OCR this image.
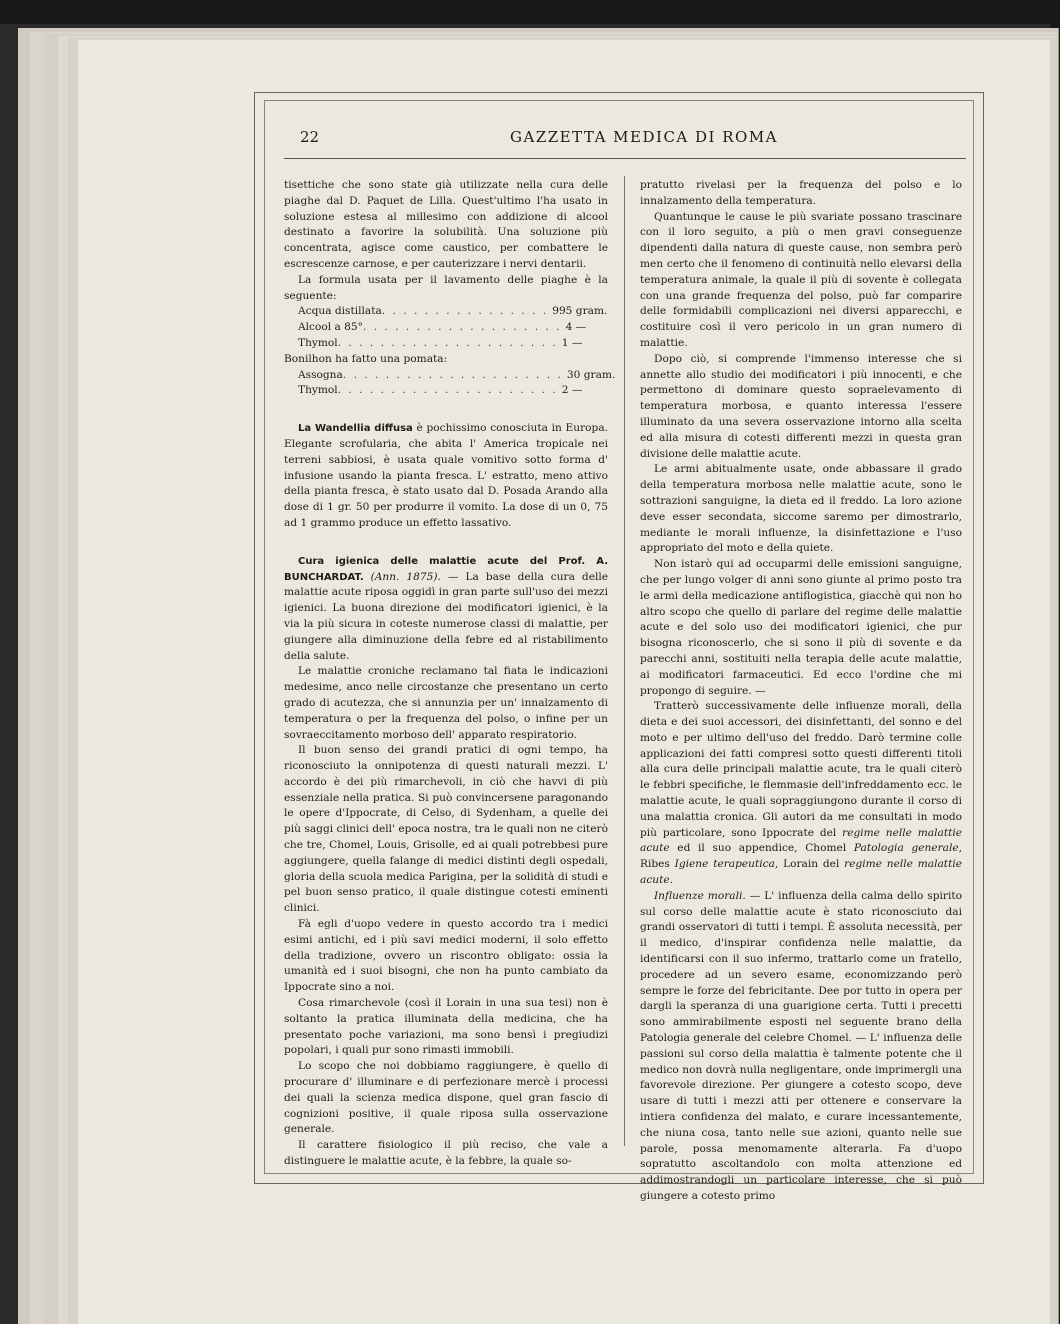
22	GAZZETTA MEDICA DI ROMA

tisettiche che sono state già utilizzate nella cura delle piaghe dal D. Paquet de Lilla. Quest'ultimo l'ha usato in soluzione estesa al millesimo con addizione di alcool destinato a favorire la solubilità. Una soluzione più concentrata, agisce come caustico, per combattere le escrescenze carnose, e per cauterizzare i nervi dentarii.

La formula usata per il lavamento delle piaghe è la seguente:

Acqua distillata . . . . . . . . . . . . . . . . 995 gram.
Alcool a 85° . . . . . . . . . . . . . . . . . . . 4 —
Thymol . . . . . . . . . . . . . . . . . . . . . 1 —

Bonilhon ha fatto una pomata:

Assogna . . . . . . . . . . . . . . . . . . . . . 30 gram.
Thymol . . . . . . . . . . . . . . . . . . . . . 2 —

La Wandellia diffusa è pochissimo conosciuta in Europa. Elegante scrofularia, che abita l' America tropicale nei terreni sabbiosi, è usata quale vomitivo sotto forma d' infusione usando la pianta fresca. L' estratto, meno attivo della pianta fresca, è stato usato dal D. Posada Arando alla dose di 1 gr. 50 per produrre il vomito. La dose di un 0, 75 ad 1 grammo produce un effetto lassativo.

Cura igienica delle malattie acute del Prof. A. BUNCHARDAT. (Ann. 1875). — La base della cura delle malattie acute riposa oggidì in gran parte sull'uso dei mezzi igienici. La buona direzione dei modificatori igienici, è la via la più sicura in coteste numerose classi di malattie, per giungere alla diminuzione della febre ed al ristabilimento della salute.

Le malattie croniche reclamano tal fiata le indicazioni medesime, anco nelle circostanze che presentano un certo grado di acutezza, che si annunzia per un' innalzamento di temperatura o per la frequenza del polso, o infine per un sovraeccitamento morboso dell' apparato respiratorio.

Il buon senso dei grandi pratici di ogni tempo, ha riconosciuto la onnipotenza di questi naturali mezzi. L' accordo è dei più rimarchevoli, in ciò che havvi di più essenziale nella pratica. Si può convincersene paragonando le opere d'Ippocrate, di Celso, di Sydenham, a quelle dei più saggi clinici dell' epoca nostra, tra le quali non ne citerò che tre, Chomel, Louis, Grisolle, ed ai quali potrebbesi pure aggiungere, quella falange di medici distinti degli ospedali, gloria della scuola medica Parigina, per la solidità di studi e pel buon senso pratico, il quale distingue cotesti eminenti clinici.

Fà egli d'uopo vedere in questo accordo tra i medici esimi antichi, ed i più savi medici moderni, il solo effetto della tradizione, ovvero un riscontro obligato: ossia la umanità ed i suoi bisogni, che non ha punto cambiato da Ippocrate sino a noi.

Cosa rimarchevole (così il Lorain in una sua tesi) non è soltanto la pratica illuminata della medicina, che ha presentato poche variazioni, ma sono bensì i pregiudizi popolari, i quali pur sono rimasti immobili.

Lo scopo che noi dobbiamo raggiungere, è quello di procurare d' illuminare e di perfezionare mercè i processi dei quali la scienza medica dispone, quel gran fascio di cognizioni positive, il quale riposa sulla osservazione generale.

Il carattere fisiologico il più reciso, che vale a distinguere le malattie acute, è la febbre, la quale so-

pratutto rivelasi per la frequenza del polso e lo innalzamento della temperatura.

Quantunque le cause le più svariate possano trascinare con il loro seguito, a più o men gravi conseguenze dipendenti dalla natura di queste cause, non sembra però men certo che il fenomeno di continuità nello elevarsi della temperatura animale, la quale il più di sovente è collegata con una grande frequenza del polso, può far comparire delle formidabili complicazioni nei diversi apparecchi, e costituire così il vero pericolo in un gran numero di malattie.

Dopo ciò, si comprende l'immenso interesse che si annette allo studio dei modificatori i più innocenti, e che permettono di dominare questo sopraelevamento di temperatura morbosa, e quanto interessa l'essere illuminato da una severa osservazione intorno alla scelta ed alla misura di cotesti differenti mezzi in questa gran divisione delle malattie acute.

Le armi abitualmente usate, onde abbassare il grado della temperatura morbosa nelle malattie acute, sono le sottrazioni sanguigne, la dieta ed il freddo. La loro azione deve esser secondata, siccome saremo per dimostrarlo, mediante le morali influenze, la disinfettazione e l'uso appropriato del moto e della quiete.

Non istarò qui ad occuparmi delle emissioni sanguigne, che per lungo volger di anni sono giunte al primo posto tra le armi della medicazione antiflogistica, giacchè qui non ho altro scopo che quello di parlare del regime delle malattie acute e del solo uso dei modificatori igienici, che pur bisogna riconoscerlo, che si sono il più di sovente e da parecchi anni, sostituiti nella terapia delle acute malattie, ai modificatori farmaceutici. Ed ecco l'ordine che mi propongo di seguire. —

Tratterò successivamente delle influenze morali, della dieta e dei suoi accessori, dei disinfettanti, del sonno e del moto e per ultimo dell'uso del freddo. Darò termine colle applicazioni dei fatti compresi sotto questi differenti titoli alla cura delle principali malattie acute, tra le quali citerò le febbri specifiche, le flemmasie dell'infreddamento ecc. le malattie acute, le quali sopraggiungono durante il corso di una malattia cronica. Gli autori da me consultati in modo più particolare, sono Ippocrate del regime nelle malattie acute ed il suo appendice, Chomel Patologia generale, Ribes Igiene terapeutica, Lorain del regime nelle malattie acute.

Influenze morali. — L' influenza della calma dello spirito sul corso delle malattie acute è stato riconosciuto dai grandi osservatori di tutti i tempi. È assoluta necessità, per il medico, d'inspirar confidenza nelle malattie, da identificarsi con il suo infermo, trattarlo come un fratello, procedere ad un severo esame, economizzando però sempre le forze del febricitante. Dee por tutto in opera per dargli la speranza di una guarigione certa. Tutti i precetti sono ammirabilmente esposti nel seguente brano della Patologia generale del celebre Chomel. — L' influenza delle passioni sul corso della malattia è talmente potente che il medico non dovrà nulla negligentare, onde imprimergli una favorevole direzione. Per giungere a cotesto scopo, deve usare di tutti i mezzi atti per ottenere e conservare la intiera confidenza del malato, e curare incessantemente, che niuna cosa, tanto nelle sue azioni, quanto nelle sue parole, possa menomamente alterarla. Fa d'uopo sopratutto ascoltandolo con molta attenzione ed addimostrandogli un particolare interesse, che si può giungere a cotesto primo
